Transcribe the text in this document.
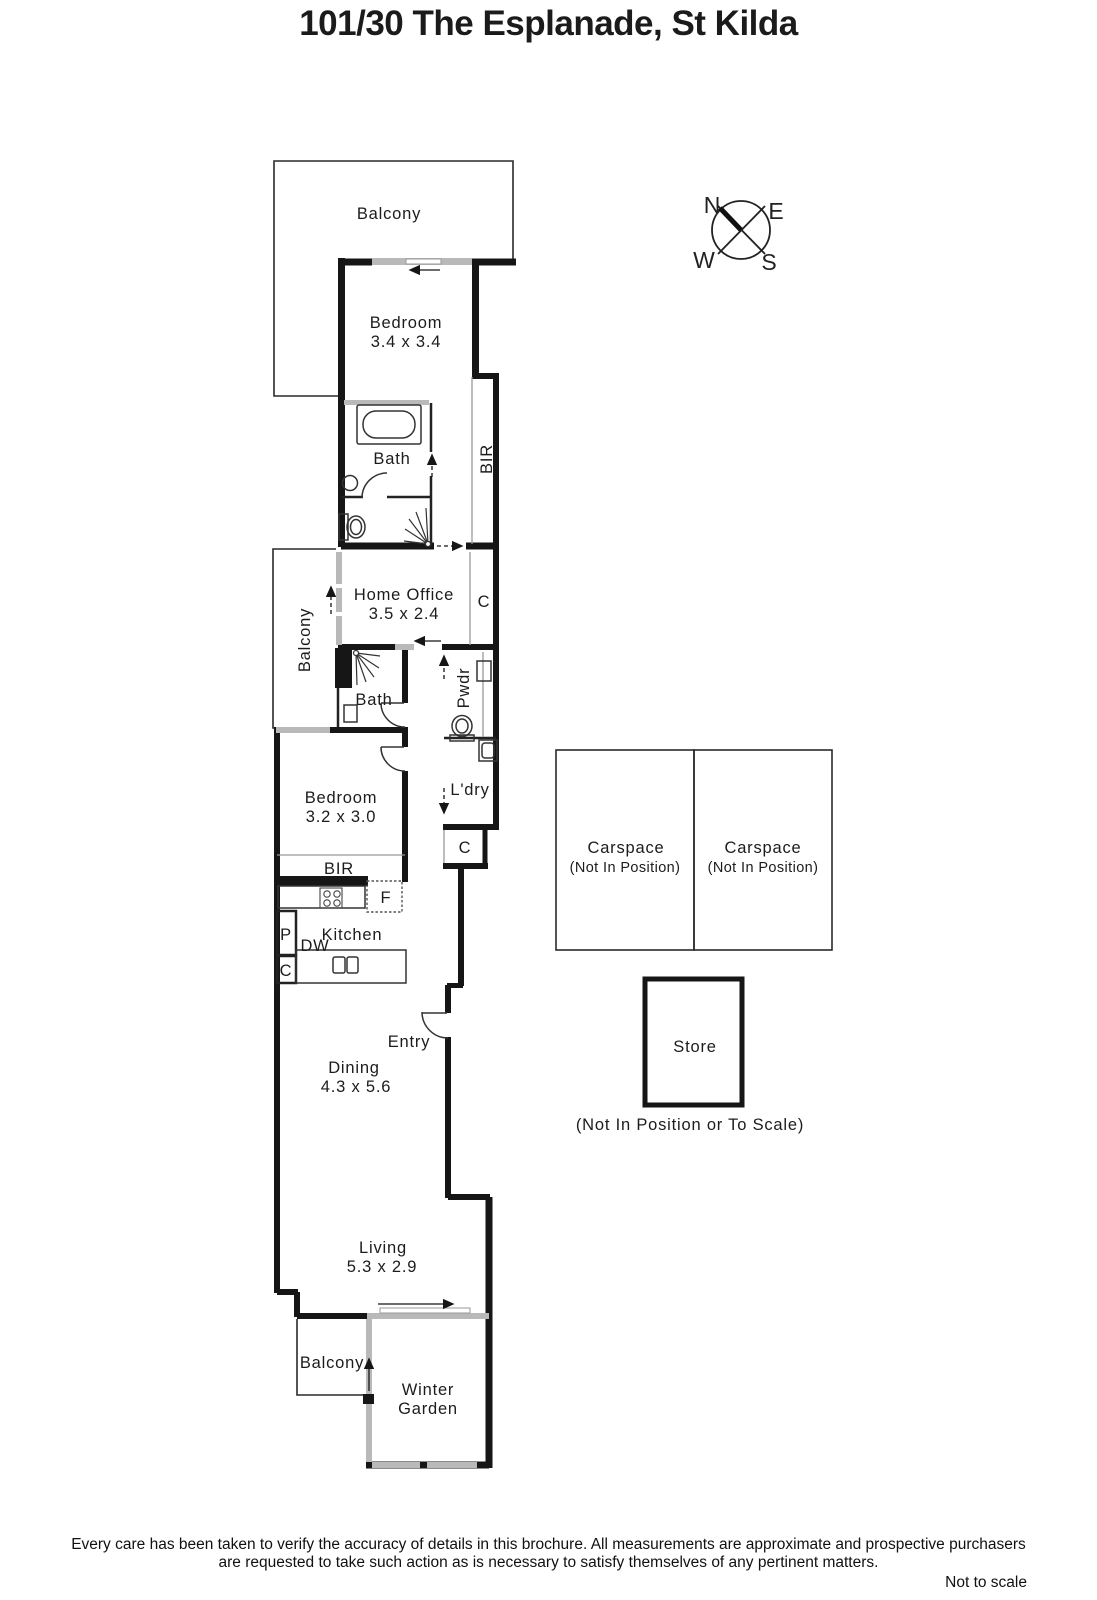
101/30 The Esplanade, St Kilda
N E
W S
Balcony
Bedroom
3.4 x 3.4
Bath	BIR
Home Office
3.5 x 2.4
C
Balcony
Bath	Pwdr
Bedroom
3.2 x 3.0
L'dry
C
BIR
F
P Kitchen
DW
C
Entry
Dining
4.3 x 5.6
Carspace
(Not In Position)
Carspace
(Not In Position)
Store
(Not In Position or To Scale)
Living
5.3 x 2.9
Balcony
Winter
Garden
Every care has been taken to verify the accuracy of details in this brochure. All measurements are approximate and prospective purchasers
are requested to take such action as is necessary to satisfy themselves of any pertinent matters.
Not to scale
